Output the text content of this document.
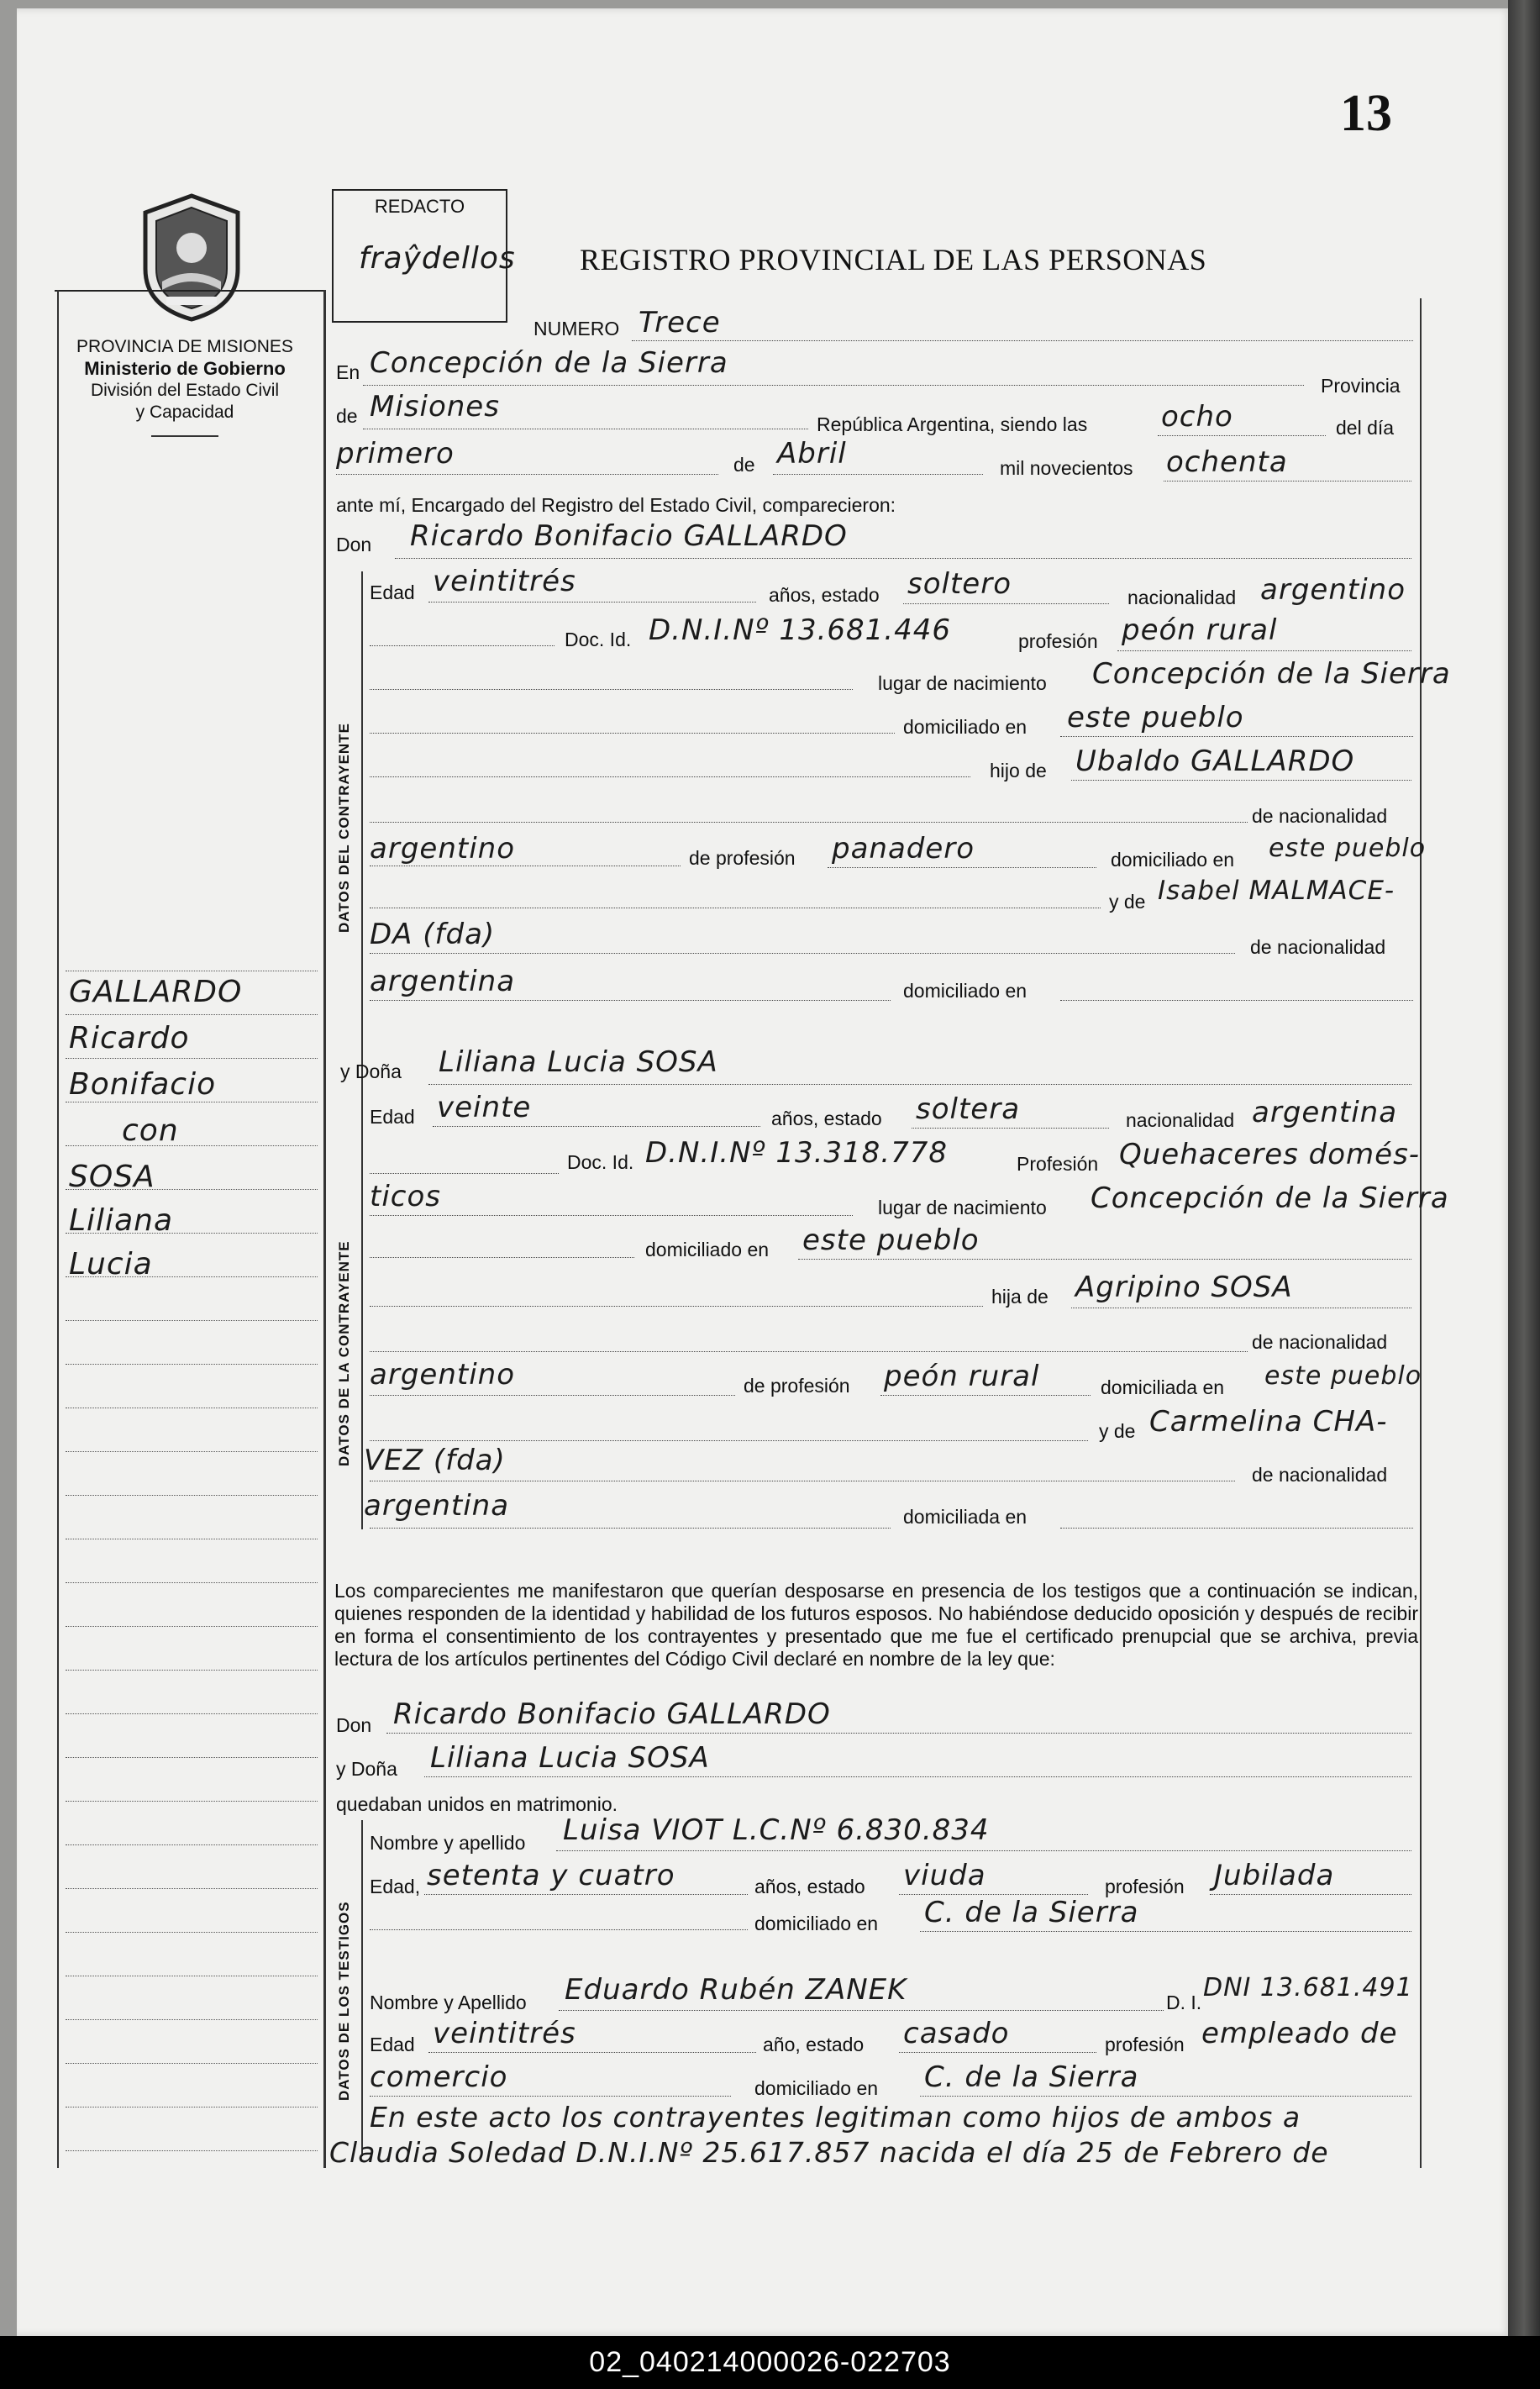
13
PROVINCIA DE MISIONES
Ministerio de Gobierno
División del Estado Civil
y Capacidad
REDACTO
fraŷdellos REGISTRO PROVINCIAL DE LAS PERSONAS
GALLARDO
Ricardo
Bonifacio
con
SOSA
Liliana
Lucia
NUMERO Trece
En Concepción de la Sierra
Provincia
de Misiones
República Argentina, siendo las	ocho	del día
primero	de Abril	mil novecientos ochenta
ante mí, Encargado del Registro del Estado Civil, comparecieron:
Don Ricardo Bonifacio GALLARDO
DATOS DEL CONTRAYENTE
Edad veintitrés	años, estado soltero	nacionalidad argentino
Doc. Id. D.N.I.Nº 13.681.446	profesión peón rural
lugar de nacimiento Concepción de la Sierra
domiciliado en este pueblo
hijo de Ubaldo GALLARDO
de nacionalidad
argentino	de profesión panadero	domiciliado en este pueblo
y de Isabel MALMACE-
DA (fda)	de nacionalidad
argentina	domiciliado en
y Doña Liliana Lucia SOSA
DATOS DE LA CONTRAYENTE
Edad veinte	años, estado soltera	nacionalidad argentina
Doc. Id. D.N.I.Nº 13.318.778	Profesión Quehaceres domés-
ticos	lugar de nacimiento Concepción de la Sierra
domiciliado en este pueblo
hija de Agripino SOSA
de nacionalidad
argentino	de profesión peón rural	domiciliada en este pueblo
y de Carmelina CHA-
VEZ (fda)	de nacionalidad
argentina	domiciliada en
Los comparecientes me manifestaron que querían desposarse en presencia de los testigos que a continuación se indican, quienes responden de la identidad y habilidad de los futuros esposos. No habiéndose deducido oposición y después de recibir en forma el consentimiento de los contrayentes y presentado que me fue el certificado prenupcial que se archiva, previa lectura de los artículos pertinentes del Código Civil declaré en nombre de la ley que:
Don Ricardo Bonifacio GALLARDO
y Doña Liliana Lucia SOSA
quedaban unidos en matrimonio.
DATOS DE LOS TESTIGOS
Nombre y apellido Luisa VIOT L.C.Nº 6.830.834
Edad, setenta y cuatro	años, estado viuda	profesión Jubilada
domiciliado en C. de la Sierra
Nombre y Apellido Eduardo Rubén ZANEK	D. I. DNI 13.681.491
Edad veintitrés	año, estado casado	profesión empleado de
comercio	domiciliado en C. de la Sierra
En este acto los contrayentes legitiman como hijos de ambos a
Claudia Soledad D.N.I.Nº 25.617.857 nacida el día 25 de Febrero de
02_040214000026-022703
